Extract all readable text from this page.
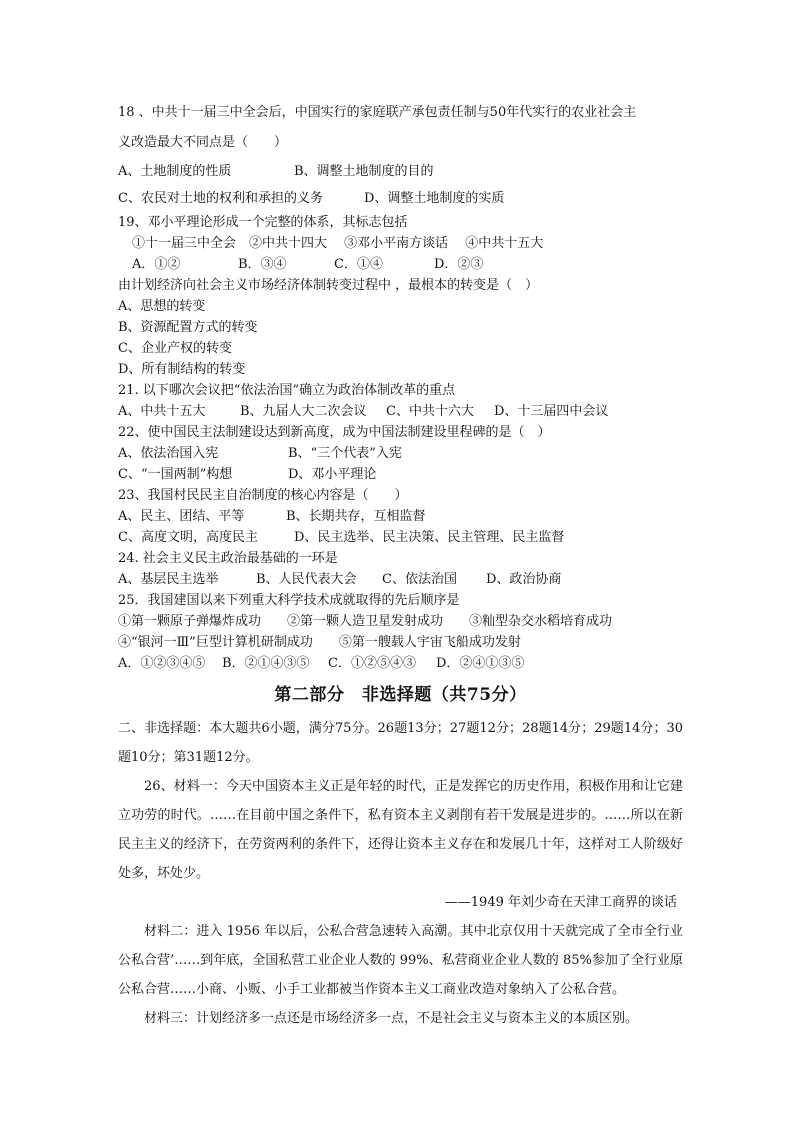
18 、中共十一届三中全会后，中国实行的家庭联产承包责任制与50年代实行的农业社会主
义改造最大不同点是（　　）
A、土地制度的性质	B、调整土地制度的目的
C、农民对土地的权利和承担的义务	D、调整土地制度的实质
19、邓小平理论形成一个完整的体系，其标志包括
①十一届三中全会　②中共十四大　 ③邓小平南方谈话　 ④中共十五大
A．①②	B．③④	C．①④	D．②③
由计划经济向社会主义市场经济体制转变过程中 ，最根本的转变是（　）
A、思想的转变
B、资源配置方式的转变
C、企业产权的转变
D、所有制结构的转变
21. 以下哪次会议把“依法治国”确立为政治体制改革的重点
A、中共十五大	B、九届人大二次会议	C、中共十六大	D、十三届四中会议
22、使中国民主法制建设达到新高度，成为中国法制建设里程碑的是（　）
A、依法治国入宪	B、“三个代表”入宪
C、“一国两制”构想	D、邓小平理论
23、我国村民民主自治制度的核心内容是（　　）
A、民主、团结、平等	B、长期共存，互相监督
C、高度文明，高度民主	D、民主选举、民主决策、民主管理、民主监督
24. 社会主义民主政治最基础的一环是
A、基层民主选举	B、人民代表大会	C、依法治国	D、政治协商
25．我国建国以来下列重大科学技术成就取得的先后顺序是
①第一颗原子弹爆炸成功　　②第一颗人造卫星发射成功　　③籼型杂交水稻培育成功
④“银河一Ⅲ”巨型计算机研制成功　　⑤第一艘载人宇宙飞船成功发射
A．①②③④⑤	B．②①④③⑤	C．①②⑤④③	D．②④①③⑤
第二部分　非选择题（共75分）
二、非选择题：本大题共6小题，满分75分。26题13分；27题12分；28题14分；29题14分；30题10分；第31题12分。
26、材料一：今天中国资本主义正是年轻的时代，正是发挥它的历史作用，积极作用和让它建立功劳的时代。……在目前中国之条件下，私有资本主义剥削有若干发展是进步的。……所以在新民主主义的经济下，在劳资两利的条件下，还得让资本主义存在和发展几十年，这样对工人阶级好处多，坏处少。
——1949 年刘少奇在天津工商界的谈话
材料二：进入 1956 年以后，公私合营急速转入高潮。其中北京仅用十天就完成了全市全行业公私合营’……到年底，全国私营工业企业人数的 99%、私营商业企业人数的 85%参加了全行业原公私合营……小商、小贩、小手工业都被当作资本主义工商业改造对象纳入了公私合营。
材料三：计划经济多一点还是市场经济多一点，不是社会主义与资本主义的本质区别。
